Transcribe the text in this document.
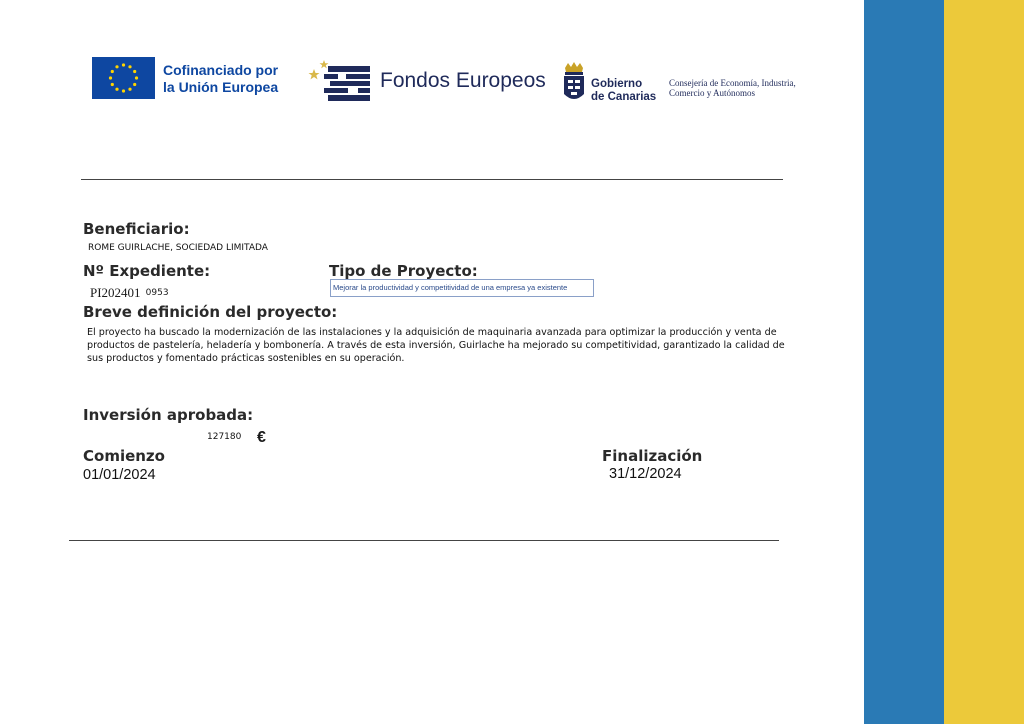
Cofinanciado por
la Unión Europea	Fondos Europeos	Gobierno
de Canarias
Consejería de Economía, Industria,
Comercio y Autónomos
Beneficiario:
ROME GUIRLACHE, SOCIEDAD LIMITADA
Nº Expediente:
PI202401 0953
Tipo de Proyecto:
Mejorar la productividad y competitividad de una empresa ya existente
Breve definición del proyecto:
El proyecto ha buscado la modernización de las instalaciones y la adquisición de maquinaria avanzada para optimizar la producción y venta de productos de pastelería, heladería y bombonería. A través de esta inversión, Guirlache ha mejorado su competitividad, garantizado la calidad de sus productos y fomentado prácticas sostenibles en su operación.
Inversión aprobada:
127180 €
Comienzo
01/01/2024
Finalización
31/12/2024
